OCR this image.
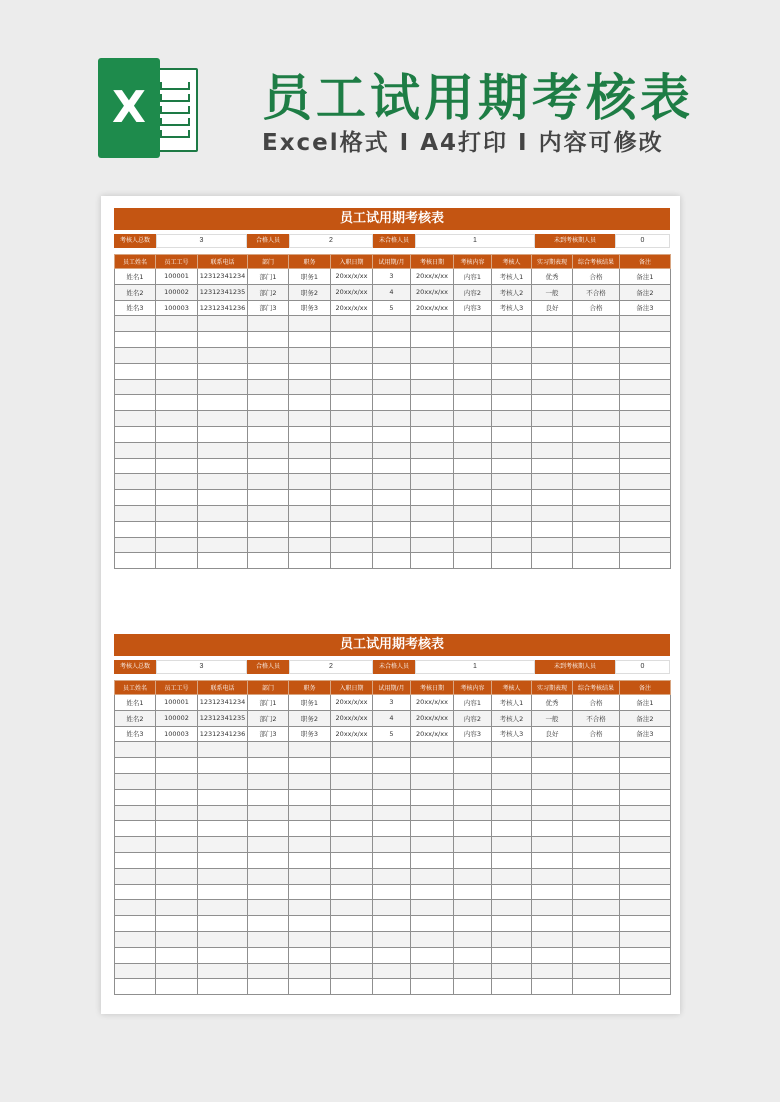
X 员工试用期考核表
Excel格式 I A4打印 I 内容可修改
员工试用期考核表
考核人总数	3	合格人员	2	未合格人员	1	未到考核期人员	0
员工姓名	员工工号	联系电话	部门	职务	入职日期	试用期/月	考核日期	考核内容	考核人	实习期表现	综合考核结果	备注
姓名1	100001	12312341234	部门1	职务1	20xx/x/xx	3	20xx/x/xx	内容1	考核人1	优秀	合格	备注1
姓名2	100002	12312341235	部门2	职务2	20xx/x/xx	4	20xx/x/xx	内容2	考核人2	一般	不合格	备注2
姓名3	100003	12312341236	部门3	职务3	20xx/x/xx	5	20xx/x/xx	内容3	考核人3	良好	合格	备注3

员工试用期考核表
考核人总数	3	合格人员	2	未合格人员	1	未到考核期人员	0
员工姓名	员工工号	联系电话	部门	职务	入职日期	试用期/月	考核日期	考核内容	考核人	实习期表现	综合考核结果	备注
姓名1	100001	12312341234	部门1	职务1	20xx/x/xx	3	20xx/x/xx	内容1	考核人1	优秀	合格	备注1
姓名2	100002	12312341235	部门2	职务2	20xx/x/xx	4	20xx/x/xx	内容2	考核人2	一般	不合格	备注2
姓名3	100003	12312341236	部门3	职务3	20xx/x/xx	5	20xx/x/xx	内容3	考核人3	良好	合格	备注3
